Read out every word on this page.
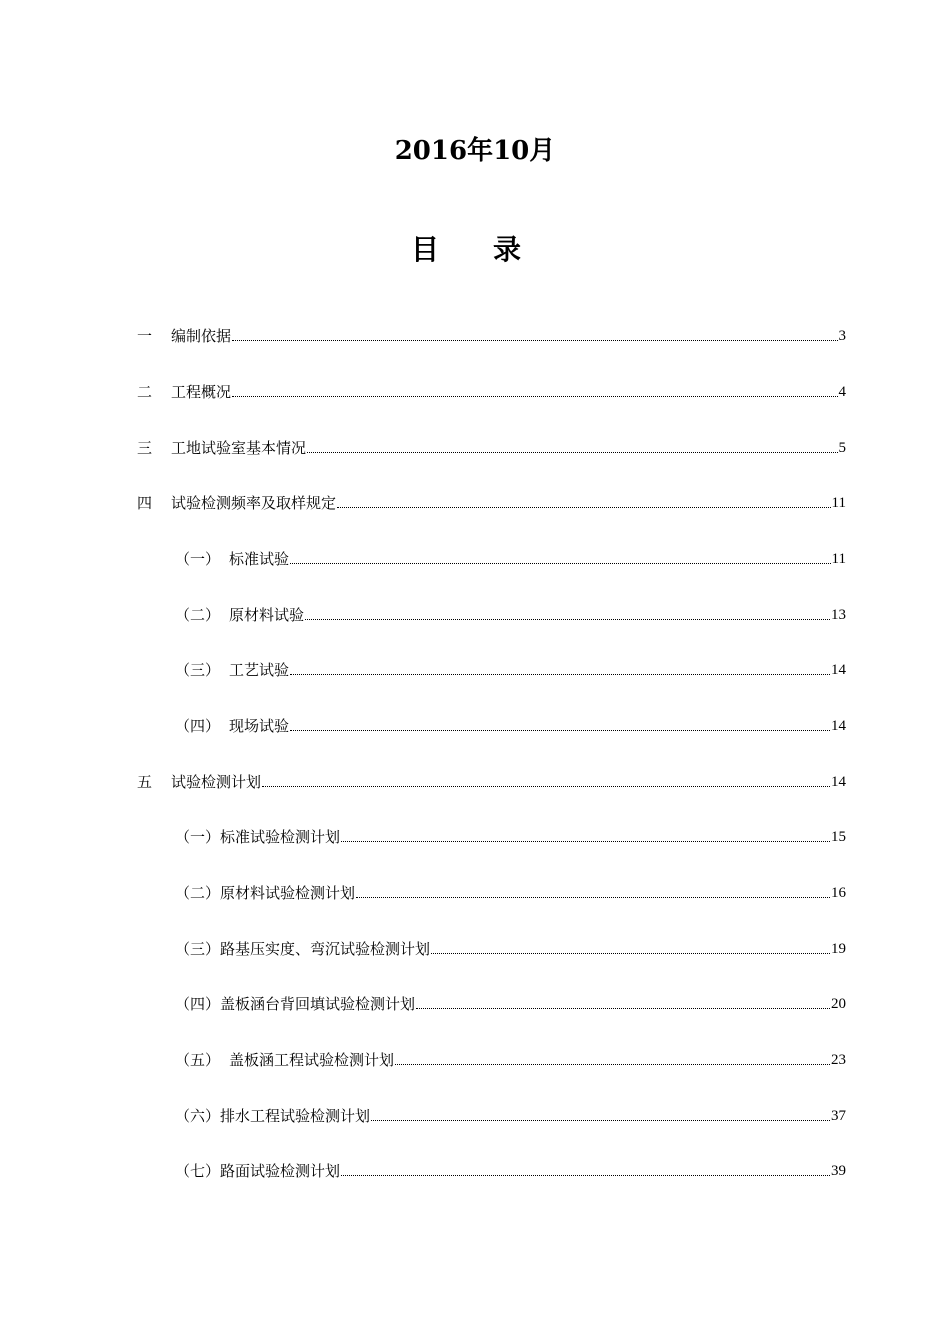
2016年10月
目录
一	编制依据	3
二	工程概况	4
三	工地试验室基本情况	5
四	试验检测频率及取样规定	11
（一） 标准试验	11
（二） 原材料试验	13
（三） 工艺试验	14
（四） 现场试验	14
五	试验检测计划	14
（一） 标准试验检测计划	15
（二） 原材料试验检测计划	16
（三） 路基压实度、弯沉试验检测计划	19
（四） 盖板涵台背回填试验检测计划	20
（五） 盖板涵工程试验检测计划	23
（六） 排水工程试验检测计划	37
（七） 路面试验检测计划	39
